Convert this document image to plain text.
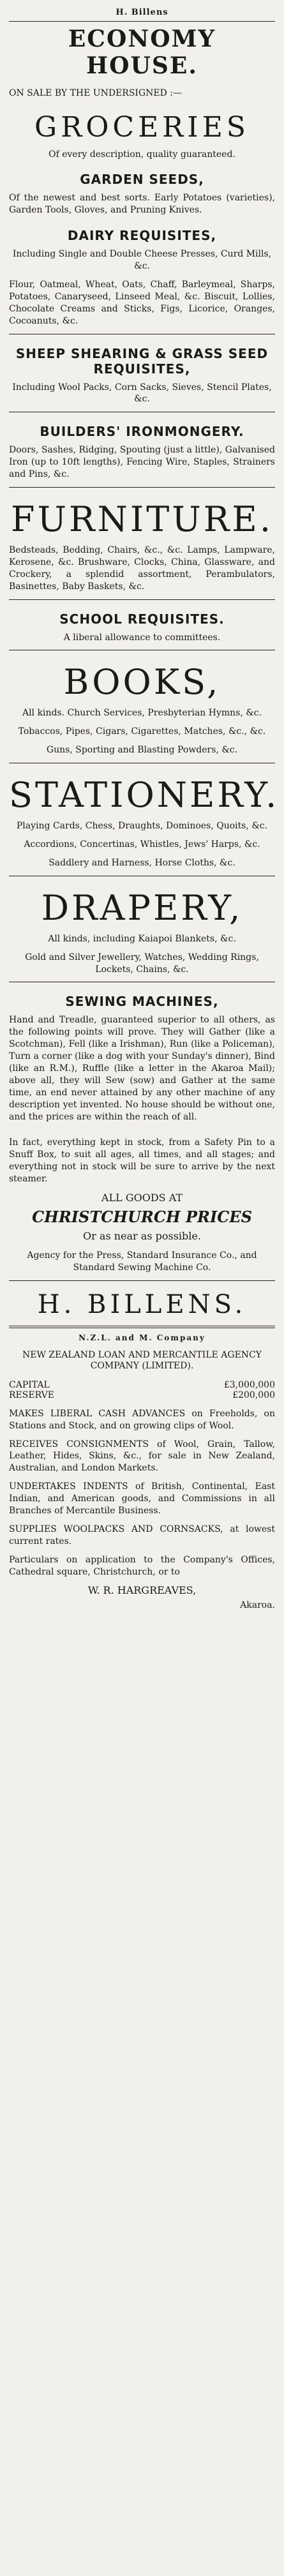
H. Billens
ECONOMY HOUSE.

ON SALE BY THE UNDERSIGNED :—

GROCERIES

Of every description, quality guaranteed.

GARDEN SEEDS,

Of the newest and best sorts. Early Potatoes (varieties), Garden Tools, Gloves, and Pruning Knives.

DAIRY REQUISITES,

Including Single and Double Cheese Presses, Curd Mills, &c.

Flour, Oatmeal, Wheat, Oats, Chaff, Barleymeal, Sharps, Potatoes, Canaryseed, Linseed Meal, &c. Biscuit, Lollies, Chocolate Creams and Sticks, Figs, Licorice, Oranges, Cocoanuts, &c.

SHEEP SHEARING & GRASS SEED REQUISITES,

Including Wool Packs, Corn Sacks, Sieves, Stencil Plates, &c.

BUILDERS' IRONMONGERY.

Doors, Sashes, Ridging, Spouting (just a little), Galvanised Iron (up to 10ft lengths), Fencing Wire, Staples, Strainers and Pins, &c.

FURNITURE.

Bedsteads, Bedding, Chairs, &c., &c. Lamps, Lampware, Kerosene, &c. Brushware, Clocks, China, Glassware, and Crockery, a splendid assortment, Perambulators, Basinettes, Baby Baskets, &c.

SCHOOL REQUISITES.

A liberal allowance to committees.

BOOKS,

All kinds. Church Services, Presbyterian Hymns, &c.

Tobaccos, Pipes, Cigars, Cigarettes, Matches, &c., &c.

Guns, Sporting and Blasting Powders, &c.

STATIONERY.

Playing Cards, Chess, Draughts, Dominoes, Quoits, &c.

Accordions, Concertinas, Whistles, Jews' Harps, &c.

Saddlery and Harness, Horse Cloths, &c.

DRAPERY,

All kinds, including Kaiapoi Blankets, &c.

Gold and Silver Jewellery, Watches, Wedding Rings, Lockets, Chains, &c.

SEWING MACHINES,

Hand and Treadle, guaranteed superior to all others, as the following points will prove. They will Gather (like a Scotchman), Fell (like a Irishman), Run (like a Policeman), Turn a corner (like a dog with your Sunday's dinner), Bind (like an R.M.), Ruffle (like a letter in the Akaroa Mail); above all, they will Sew (sow) and Gather at the same time, an end never attained by any other machine of any description yet invented. No house should be without one, and the prices are within the reach of all.

In fact, everything kept in stock, from a Safety Pin to a Snuff Box, to suit all ages, all times, and all stages; and everything not in stock will be sure to arrive by the next steamer.

ALL GOODS AT
CHRISTCHURCH PRICES
Or as near as possible.

Agency for the Press, Standard Insurance Co., and Standard Sewing Machine Co.

H. BILLENS.
N.Z.L. and M. Company
NEW ZEALAND LOAN AND MERCANTILE AGENCY COMPANY (LIMITED).
CAPITAL	£3,000,000
RESERVE	£200,000

MAKES LIBERAL CASH ADVANCES on Freeholds, on Stations and Stock, and on growing clips of Wool.

RECEIVES CONSIGNMENTS of Wool, Grain, Tallow, Leather, Hides, Skins, &c., for sale in New Zealand, Australian, and London Markets.

UNDERTAKES INDENTS of British, Continental, East Indian, and American goods, and Commissions in all Branches of Mercantile Business.

SUPPLIES WOOLPACKS AND CORNSACKS, at lowest current rates.

Particulars on application to the Company's Offices, Cathedral square, Christchurch, or to

W. R. HARGREAVES,
Akaroa.
